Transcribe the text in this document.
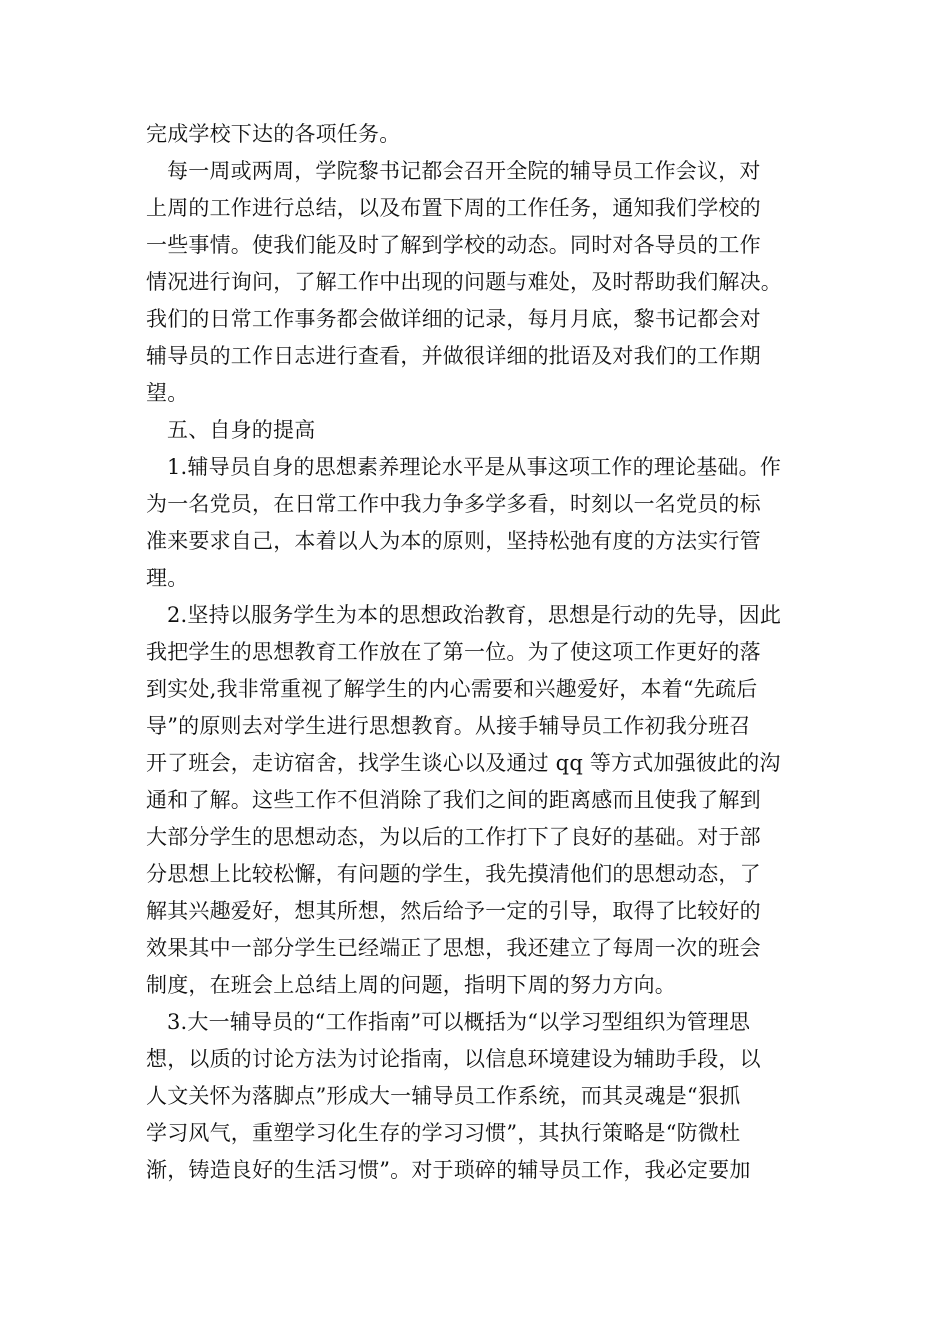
完成学校下达的各项任务。
每一周或两周，学院黎书记都会召开全院的辅导员工作会议，对
上周的工作进行总结，以及布置下周的工作任务，通知我们学校的
一些事情。使我们能及时了解到学校的动态。同时对各导员的工作
情况进行询问，了解工作中出现的问题与难处，及时帮助我们解决。
我们的日常工作事务都会做详细的记录，每月月底，黎书记都会对
辅导员的工作日志进行查看，并做很详细的批语及对我们的工作期
望。
五、自身的提高
1.辅导员自身的思想素养理论水平是从事这项工作的理论基础。作
为一名党员，在日常工作中我力争多学多看，时刻以一名党员的标
准来要求自己，本着以人为本的原则，坚持松弛有度的方法实行管
理。
2.坚持以服务学生为本的思想政治教育，思想是行动的先导，因此
我把学生的思想教育工作放在了第一位。为了使这项工作更好的落
到实处,我非常重视了解学生的内心需要和兴趣爱好，本着“先疏后
导”的原则去对学生进行思想教育。从接手辅导员工作初我分班召
开了班会，走访宿舍，找学生谈心以及通过 qq 等方式加强彼此的沟
通和了解。这些工作不但消除了我们之间的距离感而且使我了解到
大部分学生的思想动态，为以后的工作打下了良好的基础。对于部
分思想上比较松懈，有问题的学生，我先摸清他们的思想动态，了
解其兴趣爱好，想其所想，然后给予一定的引导，取得了比较好的
效果其中一部分学生已经端正了思想，我还建立了每周一次的班会
制度，在班会上总结上周的问题，指明下周的努力方向。
3.大一辅导员的“工作指南”可以概括为“以学习型组织为管理思
想，以质的讨论方法为讨论指南，以信息环境建设为辅助手段，以
人文关怀为落脚点”形成大一辅导员工作系统，而其灵魂是“狠抓
学习风气，重塑学习化生存的学习习惯”，其执行策略是“防微杜
渐，铸造良好的生活习惯”。对于琐碎的辅导员工作，我必定要加
